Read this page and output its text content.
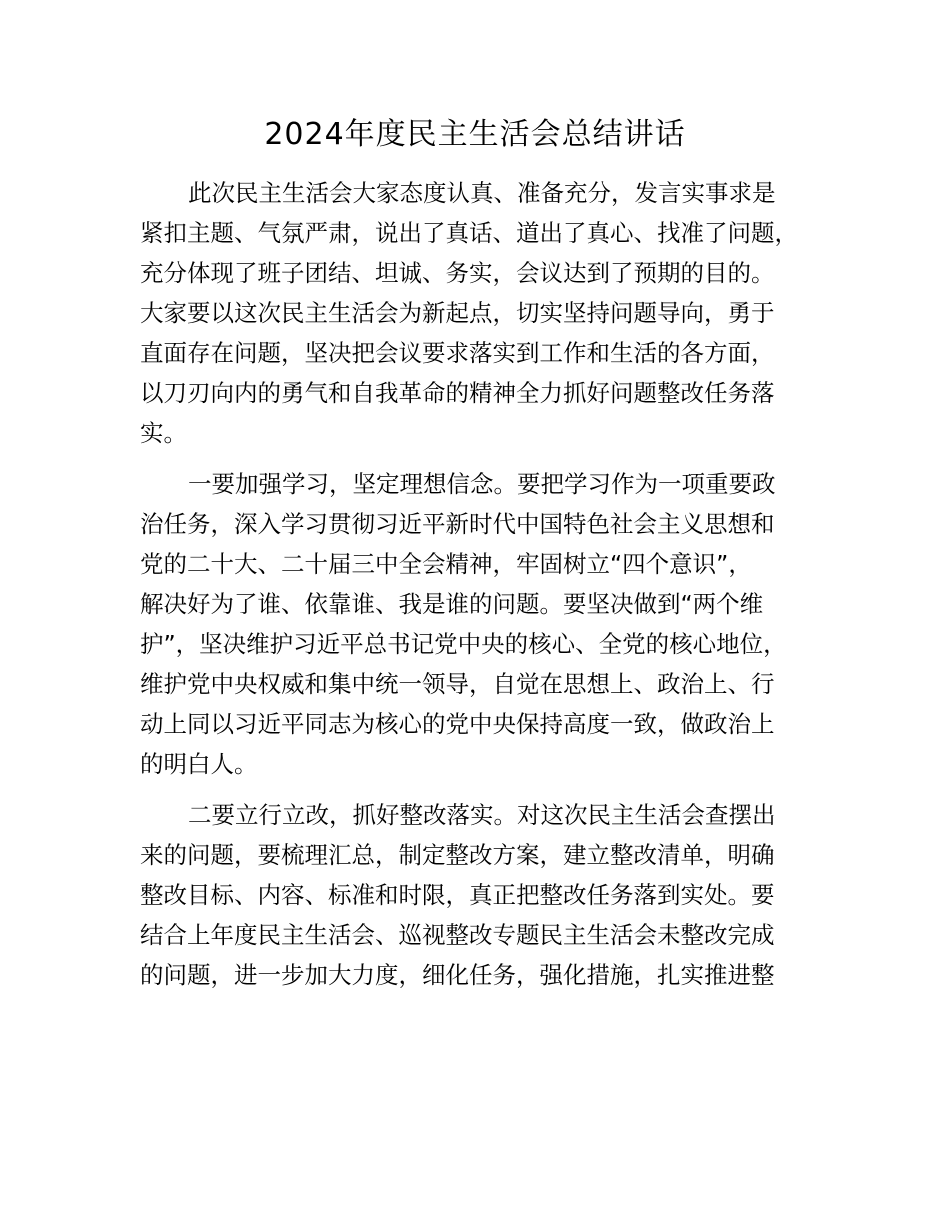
2024年度民主生活会总结讲话
此次民主生活会大家态度认真、准备充分，发言实事求是
紧扣主题、气氛严肃，说出了真话、道出了真心、找准了问题，
充分体现了班子团结、坦诚、务实，会议达到了预期的目的。
大家要以这次民主生活会为新起点，切实坚持问题导向，勇于
直面存在问题，坚决把会议要求落实到工作和生活的各方面，
以刀刃向内的勇气和自我革命的精神全力抓好问题整改任务落
实。
一要加强学习，坚定理想信念。要把学习作为一项重要政
治任务，深入学习贯彻习近平新时代中国特色社会主义思想和
党的二十大、二十届三中全会精神，牢固树立“四个意识”，
解决好为了谁、依靠谁、我是谁的问题。要坚决做到“两个维
护”，坚决维护习近平总书记党中央的核心、全党的核心地位，
维护党中央权威和集中统一领导，自觉在思想上、政治上、行
动上同以习近平同志为核心的党中央保持高度一致，做政治上
的明白人。
二要立行立改，抓好整改落实。对这次民主生活会查摆出
来的问题，要梳理汇总，制定整改方案，建立整改清单，明确
整改目标、内容、标准和时限，真正把整改任务落到实处。要
结合上年度民主生活会、巡视整改专题民主生活会未整改完成
的问题，进一步加大力度，细化任务，强化措施，扎实推进整
